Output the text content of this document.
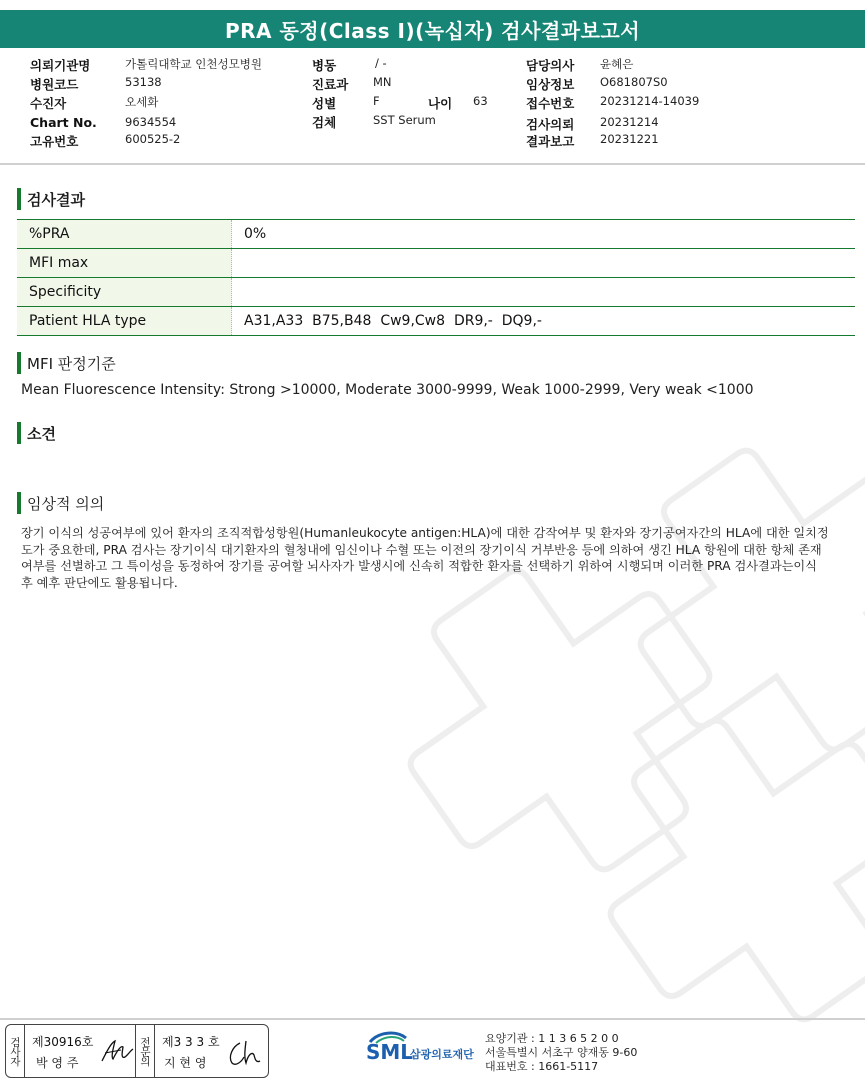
PRA 동정(Class I)(녹십자) 검사결과보고서
의뢰기관명	가톨릭대학교 인천성모병원	병동	/ -	담당의사 윤혜은
병원코드	53138	진료과 MN	임상정보 O681807S0
수진자	오세화	성별	F	나이 63	접수번호 20231214-14039
Chart No. 9634554	검체	SST Serum	검사의뢰 20231214
고유번호	600525-2	결과보고 20231221
검사결과
%PRA	0%
MFI max	
Specificity	
Patient HLA type	A31,A33  B75,B48  Cw9,Cw8  DR9,-  DQ9,-
MFI 판정기준
Mean Fluorescence Intensity: Strong >10000, Moderate 3000-9999, Weak 1000-2999, Very weak <1000
소견
임상적 의의
장기 이식의 성공여부에 있어 환자의 조직적합성항원(Humanleukocyte antigen:HLA)에 대한 감작여부 및 환자와 장기공여자간의 HLA에 대한 일치정도가 중요한데, PRA 검사는 장기이식 대기환자의 혈청내에 임신이나 수혈 또는 이전의 장기이식 거부반응 등에 의하여 생긴 HLA 항원에 대한 항체 존재 여부를 선별하고 그 특이성을 동정하여 장기를 공여할 뇌사자가 발생시에 신속히 적합한 환자를 선택하기 위하여 시행되며 이러한 PRA 검사결과는이식 후 예후 판단에도 활용됩니다.
검사자 제30916호
박 영 주	전문의 제3 3 3 호
지 현 영	SML
삼광의료재단
요양기관 : 1 1 3 6 5 2 0 0
서울특별시 서초구 양재동 9-60
대표번호 : 1661-5117
